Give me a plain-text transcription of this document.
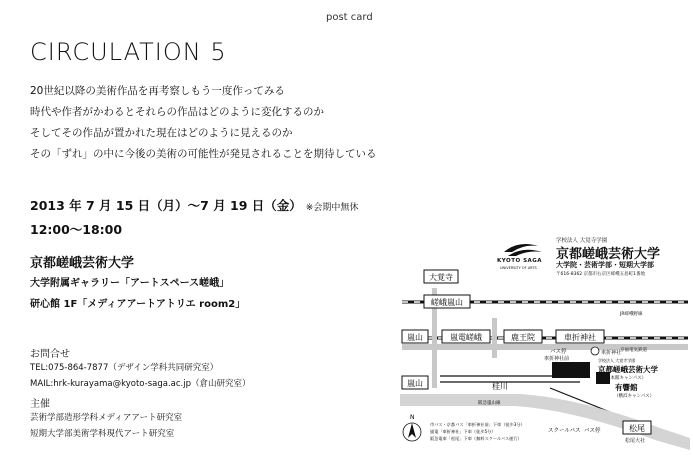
post card
CIRCULATION 5
20世紀以降の美術作品を再考察しもう一度作ってみる
時代や作者がかわるとそれらの作品はどのように変化するのか
そしてその作品が置かれた現在はどのように見えるのか
その「ずれ」の中に今後の美術の可能性が発見されることを期待している
2013 年 7 月 15 日（月）〜7 月 19 日（金） ※会期中無休
12:00〜18:00
京都嵯峨芸術大学
大学附属ギャラリー「アートスペース嵯峨」
研心館 1F「メディアアートアトリエ room2」
お問合せ
TEL:075-864-7877（デザイン学科共同研究室）
MAIL:hrk-kurayama@kyoto-saga.ac.jp（倉山研究室）
主催
芸術学部造形学科メディアアート研究室
短期大学部美術学科現代アート研究室
KYOTO SAGA
UNIVERSITY OF ARTS
学校法人 大覚寺学園
京都嵯峨芸術大学
大学院・芸術学部・短期大学部
〒616-8362 京都市右京区嵯峨五島町1番地
大覚寺
嵯峨嵐山
JR嵯峨野線
嵐山	嵐電嵯峨	鹿王院	車折神社
京福電気鉄道
バス停
車折神社前
車折神社
学校法人 大覚寺学園
京都嵯峨芸術大学
（本館キャンパス）
嵐山	桂川
阪急嵐山線
有響館
（横浜キャンパス）
スクールバス バス停	松尾
松尾大社
N
市バス・京都バス「車折神社前」下車（徒歩3分）
嵐電「車折神社」下車（徒歩5分）
阪急電車「松尾」下車（無料スクールバス運行）
